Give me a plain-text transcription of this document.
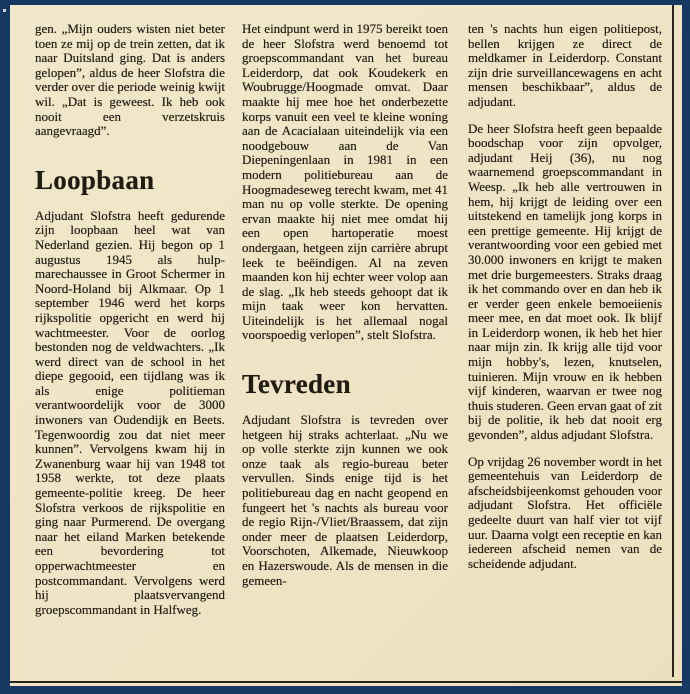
gen. „Mijn ouders wisten niet beter toen ze mij op de trein zetten, dat ik naar Duitsland ging. Dat is anders gelopen”, aldus de heer Slofstra die verder over die periode weinig kwijt wil. „Dat is geweest. Ik heb ook nooit een verzetskruis aangevraagd”.

Loopbaan

Adjudant Slofstra heeft gedurende zijn loopbaan heel wat van Nederland gezien. Hij begon op 1 augustus 1945 als hulp-marechaussee in Groot Schermer in Noord-Holand bij Alkmaar. Op 1 september 1946 werd het korps rijkspolitie opgericht en werd hij wachtmeester. Voor de oorlog bestonden nog de veldwachters. „Ik werd direct van de school in het diepe gegooid, een tijdlang was ik als enige politieman verantwoordelijk voor de 3000 inwoners van Oudendijk en Beets. Tegenwoordig zou dat niet meer kunnen”. Vervolgens kwam hij in Zwanenburg waar hij van 1948 tot 1958 werkte, tot deze plaats gemeente-politie kreeg. De heer Slofstra verkoos de rijkspolitie en ging naar Purmerend. De overgang naar het eiland Marken betekende een bevordering tot opperwachtmeester en postcommandant. Vervolgens werd hij plaatsvervangend groepscommandant in Halfweg.

Het eindpunt werd in 1975 bereikt toen de heer Slofstra werd benoemd tot groepscommandant van het bureau Leiderdorp, dat ook Koudekerk en Woubrugge/Hoogmade omvat. Daar maakte hij mee hoe het onderbezette korps vanuit een veel te kleine woning aan de Acacialaan uiteindelijk via een noodgebouw aan de Van Diepeningenlaan in 1981 in een modern politiebureau aan de Hoogmadeseweg terecht kwam, met 41 man nu op volle sterkte. De opening ervan maakte hij niet mee omdat hij een open hartoperatie moest ondergaan, hetgeen zijn carrière abrupt leek te beëindigen. Al na zeven maanden kon hij echter weer volop aan de slag. „Ik heb steeds gehoopt dat ik mijn taak weer kon hervatten. Uiteindelijk is het allemaal nogal voorspoedig verlopen”, stelt Slofstra.

Tevreden

Adjudant Slofstra is tevreden over hetgeen hij straks achterlaat. „Nu we op volle sterkte zijn kunnen we ook onze taak als regio-bureau beter vervullen. Sinds enige tijd is het politiebureau dag en nacht geopend en fungeert het 's nachts als bureau voor de regio Rijn-/Vliet/Braassem, dat zijn onder meer de plaatsen Leiderdorp, Voorschoten, Alkemade, Nieuwkoop en Hazerswoude. Als de mensen in die gemeen-

ten 's nachts hun eigen politiepost, bellen krijgen ze direct de meldkamer in Leiderdorp. Constant zijn drie surveillancewagens en acht mensen beschikbaar”, aldus de adjudant.

De heer Slofstra heeft geen bepaalde boodschap voor zijn opvolger, adjudant Heij (36), nu nog waarnemend groepscommandant in Weesp. „Ik heb alle vertrouwen in hem, hij krijgt de leiding over een uitstekend en tamelijk jong korps in een prettige gemeente. Hij krijgt de verantwoording voor een gebied met 30.000 inwoners en krijgt te maken met drie burgemeesters. Straks draag ik het commando over en dan heb ik er verder geen enkele bemoeiienis meer mee, en dat moet ook. Ik blijf in Leiderdorp wonen, ik heb het hier naar mijn zin. Ik krijg alle tijd voor mijn hobby's, lezen, knutselen, tuinieren. Mijn vrouw en ik hebben vijf kinderen, waarvan er twee nog thuis studeren. Geen ervan gaat of zit bij de politie, ik heb dat nooit erg gevonden”, aldus adjudant Slofstra.

Op vrijdag 26 november wordt in het gemeentehuis van Leiderdorp de afscheidsbijeenkomst gehouden voor adjudant Slofstra. Het officiële gedeelte duurt van half vier tot vijf uur. Daarna volgt een receptie en kan iedereen afscheid nemen van de scheidende adjudant.
